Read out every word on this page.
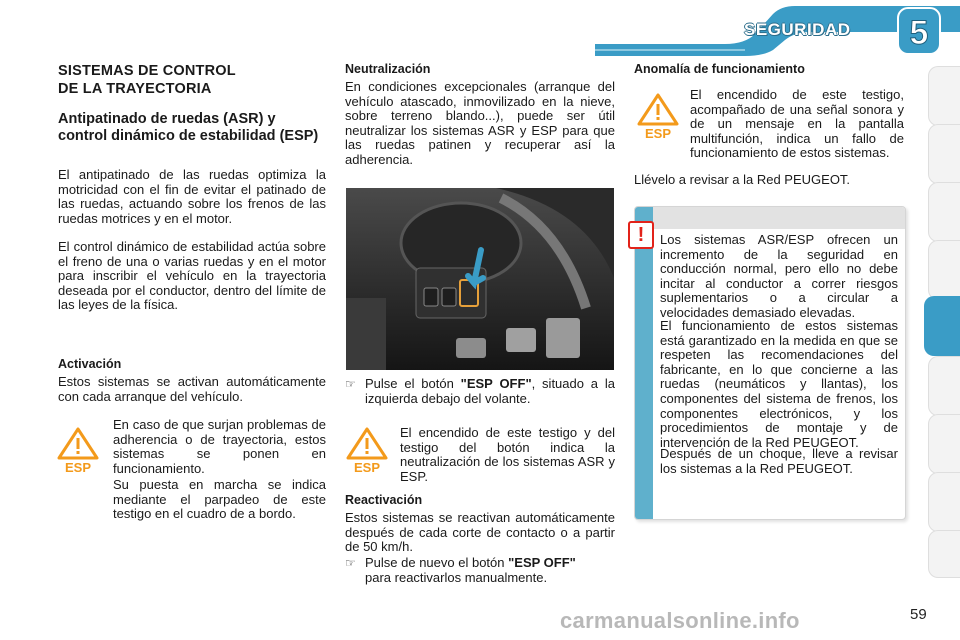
SEGURIDAD 5
SISTEMAS DE CONTROL
DE LA TRAYECTORIA
Antipatinado de ruedas (ASR) y control dinámico de estabilidad (ESP)

El antipatinado de las ruedas optimiza la motricidad con el fin de evitar el patinado de las ruedas, actuando sobre los frenos de las ruedas motrices y en el motor.

El control dinámico de estabilidad actúa sobre el freno de una o varias ruedas y en el motor para inscribir el vehículo en la trayectoria deseada por el conductor, dentro del límite de las leyes de la física.

Activación

Estos sistemas se activan automáticamente con cada arranque del vehículo.

ESP

En caso de que surjan problemas de adherencia o de trayectoria, estos sistemas se ponen en funcionamiento.

Su puesta en marcha se indica mediante el parpadeo de este testigo en el cuadro de a bordo.

Neutralización

En condiciones excepcionales (arranque del vehículo atascado, inmovilizado en la nieve, sobre terreno blando...), puede ser útil neutralizar los sistemas ASR y ESP para que las ruedas patinen y recuperar así la adherencia.

☞ Pulse el botón "ESP OFF", situado a la izquierda debajo del volante.
ESP

El encendido de este testigo y del testigo del botón indica la neutralización de los sistemas ASR y ESP.

Reactivación

Estos sistemas se reactivan automáticamente después de cada corte de contacto o a partir de 50 km/h.

☞ Pulse de nuevo el botón "ESP OFF"
para reactivarlos manualmente.
Anomalía de funcionamiento
ESP

El encendido de este testigo, acompañado de una señal sonora y de un mensaje en la pantalla multifunción, indica un fallo de funcionamiento de estos sistemas.

Llévelo a revisar a la Red PEUGEOT.

Los sistemas ASR/ESP ofrecen un incremento de la seguridad en conducción normal, pero ello no debe incitar al conductor a correr riesgos suplementarios o a circular a velocidades demasiado elevadas.

El funcionamiento de estos sistemas está garantizado en la medida en que se respeten las recomendaciones del fabricante, en lo que concierne a las ruedas (neumáticos y llantas), los componentes del sistema de frenos, los componentes electrónicos, y los procedimientos de montaje y de intervención de la Red PEUGEOT.

Después de un choque, lleve a revisar los sistemas a la Red PEUGEOT.

!
carmanualsonline.info	59
